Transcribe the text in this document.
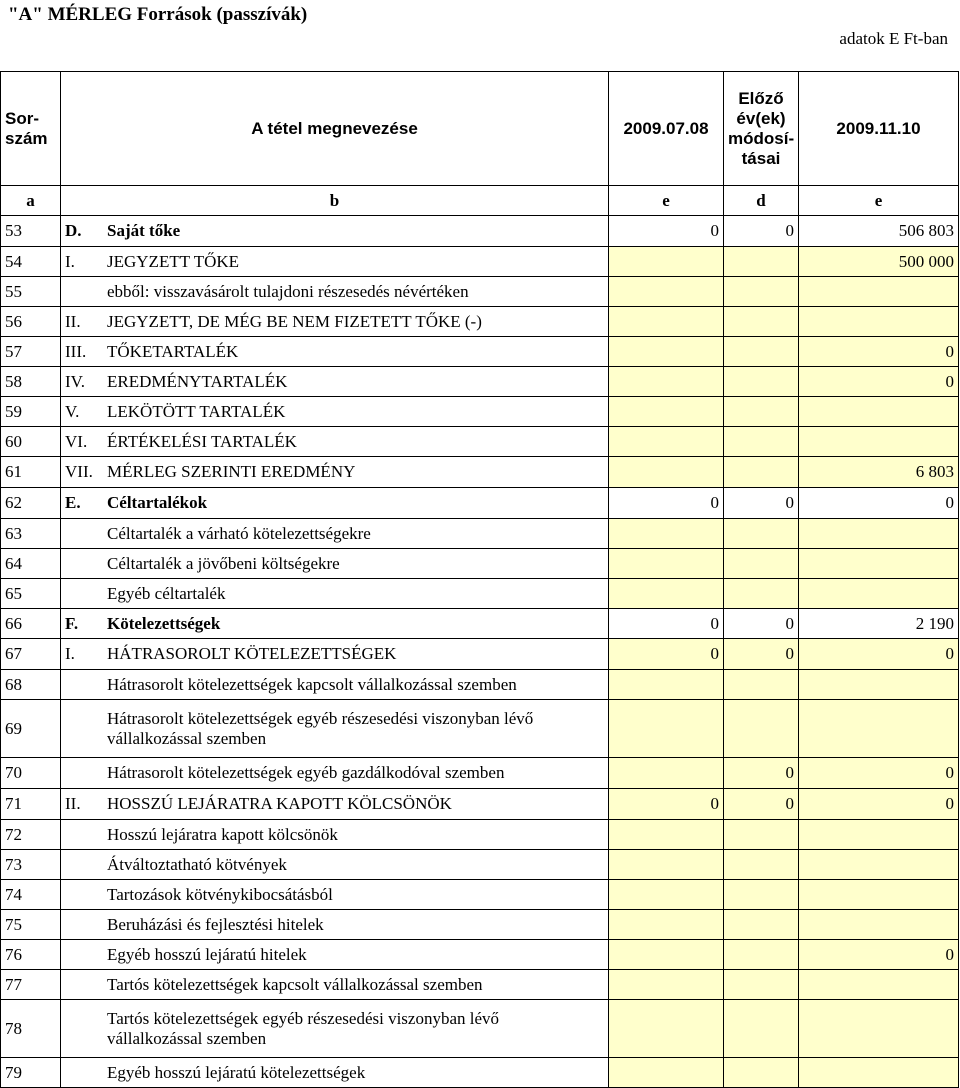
"A" MÉRLEG Források (passzívák)
adatok E Ft-ban
Sor-szám	A tétel megnevezése	2009.07.08	Előző év(ek) módosí-tásai	2009.11.10
a	b	e	d	e
53	D. Saját tőke	0	0	506 803
54	I. JEGYZETT TŐKE			500 000
55	ebből: visszavásárolt tulajdoni részesedés névértéken			
56	II. JEGYZETT, DE MÉG BE NEM FIZETETT TŐKE (-)			
57	III. TŐKETARTALÉK			0
58	IV. EREDMÉNYTARTALÉK			0
59	V. LEKÖTÖTT TARTALÉK			
60	VI. ÉRTÉKELÉSI TARTALÉK			
61	VII. MÉRLEG SZERINTI EREDMÉNY			6 803
62	E. Céltartalékok	0	0	0
63	Céltartalék a várható kötelezettségekre			
64	Céltartalék a jövőbeni költségekre			
65	Egyéb céltartalék			
66	F. Kötelezettségek	0	0	2 190
67	I. HÁTRASOROLT KÖTELEZETTSÉGEK	0	0	0
68	Hátrasorolt kötelezettségek kapcsolt vállalkozással szemben			
69	Hátrasorolt kötelezettségek egyéb részesedési viszonyban lévő vállalkozással szemben			
70	Hátrasorolt kötelezettségek egyéb gazdálkodóval szemben		0	0
71	II. HOSSZÚ LEJÁRATRA KAPOTT KÖLCSÖNÖK	0	0	0
72	Hosszú lejáratra kapott kölcsönök			
73	Átváltoztatható kötvények			
74	Tartozások kötvénykibocsátásból			
75	Beruházási és fejlesztési hitelek			
76	Egyéb hosszú lejáratú hitelek			0
77	Tartós kötelezettségek kapcsolt vállalkozással szemben			
78	Tartós kötelezettségek egyéb részesedési viszonyban lévő vállalkozással szemben			
79	Egyéb hosszú lejáratú kötelezettségek			
